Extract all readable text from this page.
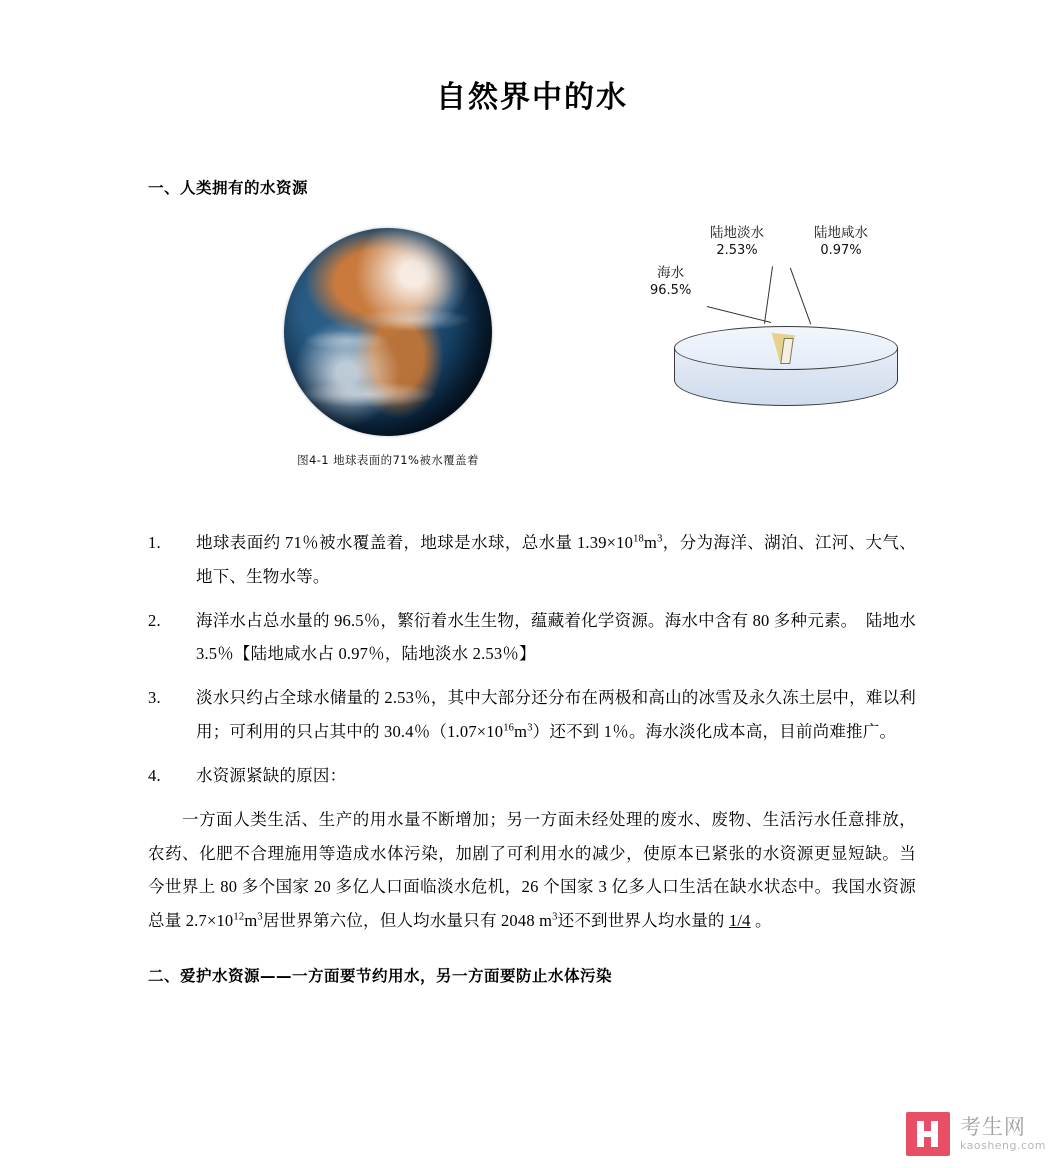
自然界中的水
一、人类拥有的水资源
图4-1 地球表面的71%被水覆盖着
海水
96.5%
陆地淡水
2.53%
陆地咸水
0.97%
1.	地球表面约 71％被水覆盖着，地球是水球，总水量 $1.39\times 10^{18}m^3$，分为海洋、湖泊、江河、大气、地下、生物水等。
2.	海洋水占总水量的 96.5％，繁衍着水生生物，蕴藏着化学资源。海水中含有 80 多种元素。　陆地水 3.5％【陆地咸水占 0.97％，陆地淡水 2.53％】
3.	淡水只约占全球水储量的 2.53％，其中大部分还分布在两极和高山的冰雪及永久冻土层中，难以利用；可利用的只占其中的 30.4％$(1.07\times 10^{16}m^3)$还不到 1％。海水淡化成本高，目前尚难推广。
4.	水资源紧缺的原因：
一方面人类生活、生产的用水量不断增加；另一方面未经处理的废水、废物、生活污水任意排放，农药、化肥不合理施用等造成水体污染，加剧了可利用水的减少，使原本已紧张的水资源更显短缺。当今世界上 80 多个国家 20 多亿人口面临淡水危机，26 个国家 3 亿多人口生活在缺水状态中。我国水资源总量 $2.7\times 10^{12}m^3$居世界第六位，但人均水量只有 2048 $m^3$还不到世界人均水量的 1/4 。
二、爱护水资源——一方面要节约用水，另一方面要防止水体污染
考生网
kaosheng.com
